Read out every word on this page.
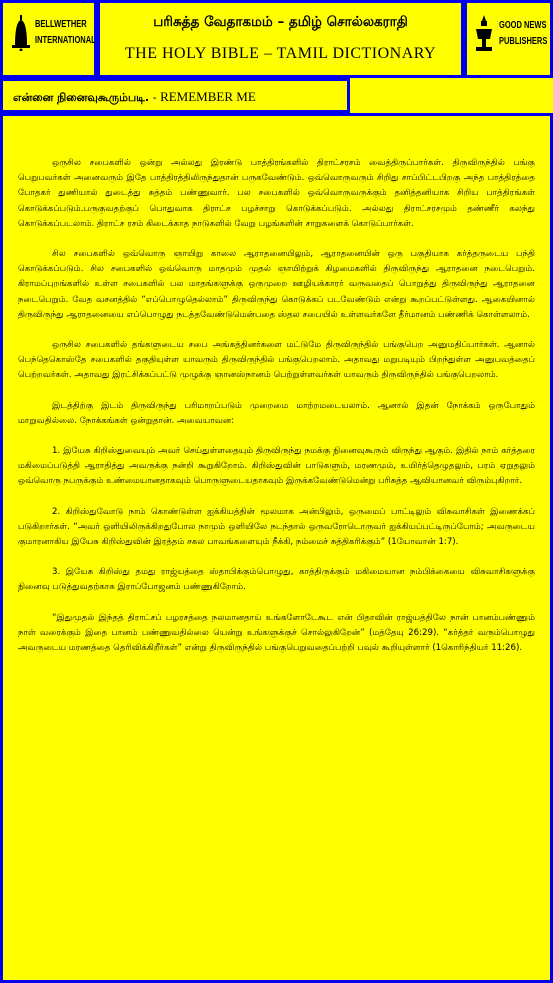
BELLWETHER
INTERNATIONAL
பரிசுத்த வேதாகமம் – தமிழ் சொல்லகராதி
THE HOLY BIBLE – TAMIL DICTIONARY
GOOD NEWS
PUBLISHERS
என்னை நினைவுகூரும்படி. - REMEMBER ME

ஒருசில சபைகளில் ஒன்று அல்லது இரண்டு பாத்திரங்களில் திராட்சரசம் வைத்திருப்பார்கள். திருவிருந்தில் பங்கு பெறுபவர்கள் அனைவரும் இதே பாத்திரத்திலிருந்துதான் பருகவேண்டும். ஒவ்வொருவரும் சிறிது சாப்பிட்டபிறகு அந்த பாத்திரத்தை போதகர் துணியால் துடைத்து சுத்தம் பண்ணுவார். பல சபைகளில் ஒவ்வொருவருக்கும் தனித்தனியாக சிறிய பாத்திரங்கள் கொடுக்கப்படும்.பருகுவதற்குப் பொதுவாக திராட்ச பழச்சாறு கொடுக்கப்படும். அல்லது திராட்சரசமும் தண்ணீர் கலந்து கொடுக்கப்படலாம். திராட்ச ரசம் கிடைக்காத நாடுகளில் வேறு பழங்களின் சாறுகளைக் கொடுப்பார்கள்.

சில சபைகளில் ஒவ்வொரு ஞாயிறு காலை ஆராதனையிலும், ஆராதனையின் ஒரு பகுதியாக கர்த்தருடைய பந்தி கொடுக்கப்படும். சில சபைகளில் ஒவ்வொரு மாதமும் முதல் ஞாயிற்றுக் கிழமைகளில் திருவிருந்து ஆராதனை நடைபெறும். கிராமப்புறங்களில் உள்ள சபைகளில் பல மாதங்களுக்கு ஒருமுறை ஊழியக்காரர் வருவதைப் பொறுத்து திருவிருந்து ஆராதனை நடைபெறும். வேத வசனத்தில் “எப்பொழுதெல்லாம்” திருவிருந்து கொடுக்கப் படவேண்டும் என்று கூறப்பட்டுள்ளது. ஆகையினால் திருவிருந்து ஆராதனையை எப்பொழுது நடத்தவேண்டுமென்பதை ஸ்தல சபையில் உள்ளவர்களே தீர்மானம் பண்ணிக் கொள்ளலாம்.

ஒருசில சபைகளில் தங்களுடைய சபை அங்கத்தினர்களை மட்டுமே திருவிருந்தில் பங்குபெற அனுமதிப்பார்கள். ஆனால் பெந்தெகொஸ்தே சபைகளில் தகுதியுள்ள யாவரும் திருவிருந்தில் பங்குபெறலாம். அதாவது மறுபடியும் பிறந்துள்ள அனுபவத்தைப் பெற்றவர்கள். அதாவது இரட்சிக்கப்பட்டு முழுக்கு ஞானஸ்நானம் பெற்றுள்ளவர்கள் யாவரும் திருவிருந்தில் பங்குபெறலாம்.

இடத்திற்கு இடம் திருவிருந்து பரிமாறப்படும் முறைமை மாற்றமடையலாம். ஆனால் இதன் நோக்கம் ஒருபோதும் மாறுவதில்லை. நோக்கங்கள் ஒன்றுதான். அவையாவன:

1. இயேசு கிறிஸ்துவையும் அவர் செய்துள்ளதையும் திருவிருந்து நமக்கு நினைவுகூரும் விருந்து ஆகும். இதில் நாம் கர்த்தரை மகிமைப்படுத்தி ஆராதித்து அவருக்கு நன்றி கூறுகிறோம். கிறிஸ்துவின் பாடுகளும், மரணமும், உயிர்த்தெழுதலும், பரம் ஏறுதலும் ஒவ்வொரு நபருக்கும் உண்மையானதாகவும் பொருளுடையதாகவும் இருக்கவேண்டுமென்று பரிசுத்த ஆவியானவர் விரும்புகிறார்.

2. கிறிஸ்துவோடு நாம் கொண்டுள்ள ஐக்கியத்தின் மூலமாக அன்பிலும், ஒருமைப் பாட்டிலும் விசுவாசிகள் இணைக்கப் படுகிறார்கள். “அவர் ஒளியிலிருக்கிறதுபோல நாமும் ஒளியிலே நடந்தால் ஒருவரோடொருவர் ஐக்கியப்பட்டிருப்போம்; அவருடைய குமாரனாகிய இயேசு கிறிஸ்துவின் இரத்தம் சகல பாவங்களையும் நீக்கி, நம்மைச் சுத்திகரிக்கும்” (1யோவான் 1:7).

3. இயேசு கிறிஸ்து தமது ராஜ்யத்தை ஸ்தாபிக்கும்பொழுது, காத்திருக்கும் மகிமையான நம்பிக்கையை விசுவாசிகளுக்கு நினைவு படுத்துவதற்காக இராப்போஜனம் பண்ணுகிறோம்.

“இதுமுதல் இந்தத் திராட்சப் பழரசத்தை நலமானதாய் உங்களோடேகூட என் பிதாவின் ராஜ்யத்திலே நான் பானம்பண்ணும் நாள் வரைக்கும் இதை பானம் பண்ணுவதில்லை யென்று உங்களுக்குச் சொல்லுகிறேன்” (மத்தேயு 26:29). “கர்த்தர் வரும்பொழுது அவருடைய மரணத்தை தெரிவிக்கிறீர்கள்” என்று திருவிருந்தில் பங்குபெறுவதைப்பற்றி பவுல் கூறியுள்ளார் (1கொரிந்தியர் 11:26).
